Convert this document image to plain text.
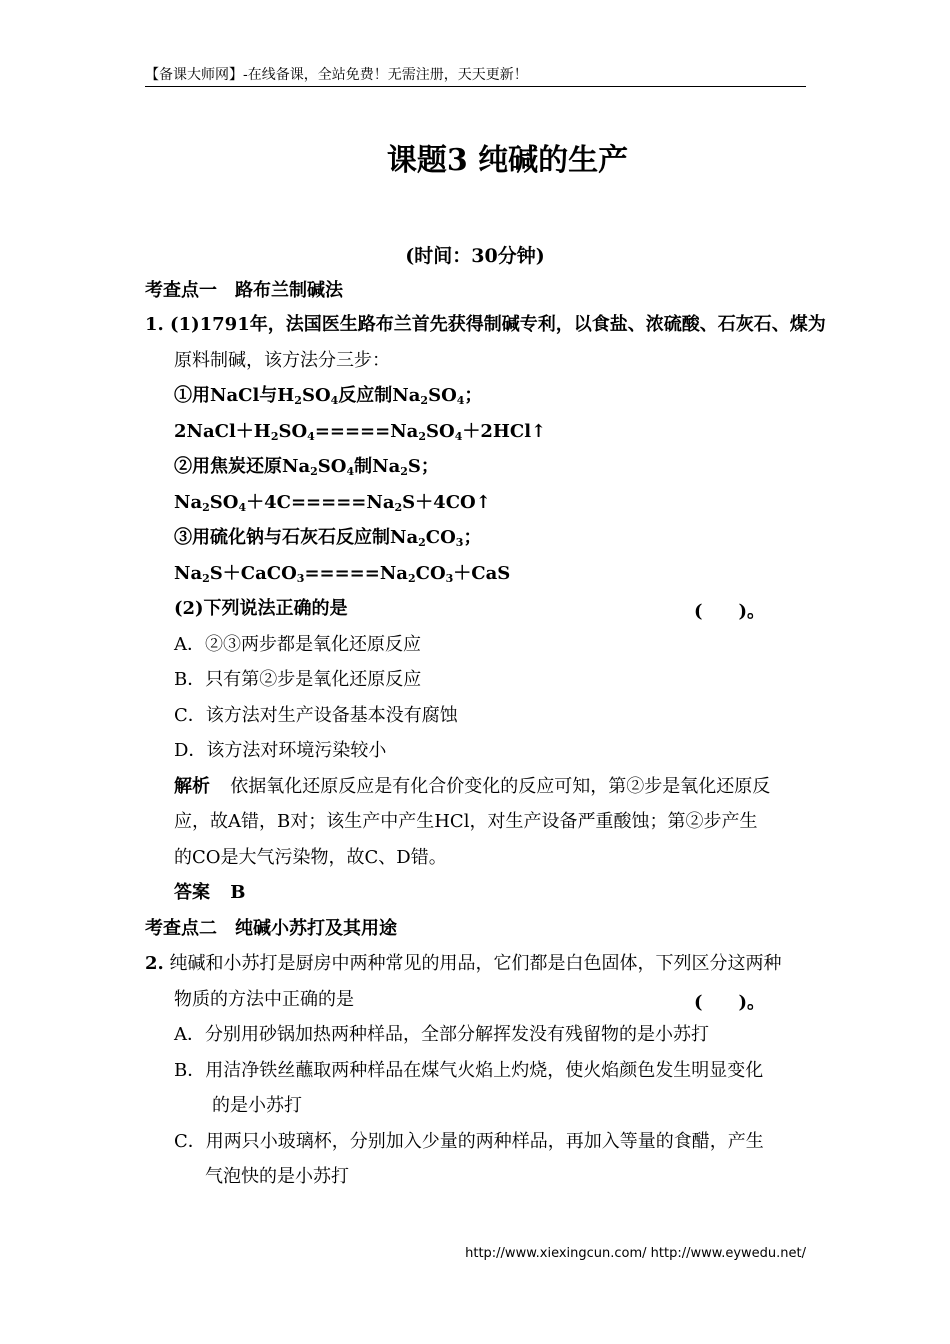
【备课大师网】-在线备课，全站免费！无需注册，天天更新！
课题3 纯碱的生产
(时间：30分钟)
考查点一　路布兰制碱法
1. (1)1791年，法国医生路布兰首先获得制碱专利，以食盐、浓硫酸、石灰石、煤为
原料制碱，该方法分三步：
①用NaCl与$H_2SO_4$反应制$Na_2SO_4$；
$2NaCl+H_2SO_4=====Na_2SO_4+2HCl↑$
②用焦炭还原$Na_2SO_4$制$Na_2S$；
$Na_2SO_4+4C=====Na_2S+4CO↑$
③用硫化钠与石灰石反应制$Na_2CO_3$；
$Na_2S+CaCO_3=====Na_2CO_3+CaS$
(2)下列说法正确的是	(　　)。
A．②③两步都是氧化还原反应
B．只有第②步是氧化还原反应
C．该方法对生产设备基本没有腐蚀
D．该方法对环境污染较小
解析 依据氧化还原反应是有化合价变化的反应可知，第②步是氧化还原反
应，故A错，B对；该生产中产生HCl，对生产设备严重酸蚀；第②步产生
的CO是大气污染物，故C、D错。
答案 B
考查点二　纯碱小苏打及其用途
2. 纯碱和小苏打是厨房中两种常见的用品，它们都是白色固体，下列区分这两种
物质的方法中正确的是	(　　)。
A．分别用砂锅加热两种样品，全部分解挥发没有残留物的是小苏打
B．用洁净铁丝蘸取两种样品在煤气火焰上灼烧，使火焰颜色发生明显变化
的是小苏打
C．用两只小玻璃杯，分别加入少量的两种样品，再加入等量的食醋，产生
气泡快的是小苏打
http://www.xiexingcun.com/ http://www.eywedu.net/
